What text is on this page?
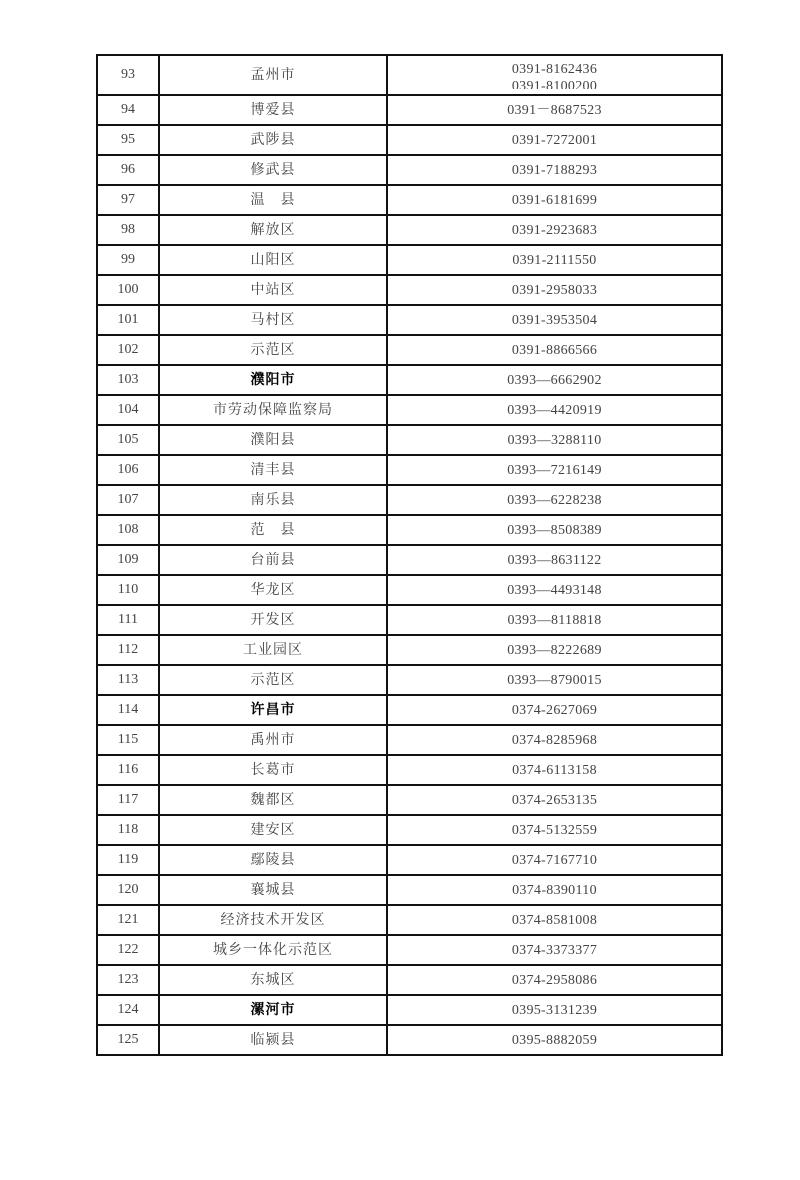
93	孟州市	0391-8162436
0391-8100200

94	博爱县	0391－8687523

95	武陟县	0391-7272001

96	修武县	0391-7188293

97	温　县	0391-6181699

98	解放区	0391-2923683

99	山阳区	0391-2111550

100	中站区	0391-2958033

101	马村区	0391-3953504

102	示范区	0391-8866566

103	濮阳市	0393—6662902

104	市劳动保障监察局	0393—4420919

105	濮阳县	0393—3288110

106	清丰县	0393—7216149

107	南乐县	0393—6228238

108	范　县	0393—8508389

109	台前县	0393—8631122

110	华龙区	0393—4493148

111	开发区	0393—8118818

112	工业园区	0393—8222689

113	示范区	0393—8790015

114	许昌市	0374-2627069

115	禹州市	0374-8285968

116	长葛市	0374-6113158

117	魏都区	0374-2653135

118	建安区	0374-5132559

119	鄢陵县	0374-7167710

120	襄城县	0374-8390110

121	经济技术开发区	0374-8581008

122	城乡一体化示范区	0374-3373377

123	东城区	0374-2958086

124	漯河市	0395-3131239

125	临颍县	0395-8882059
